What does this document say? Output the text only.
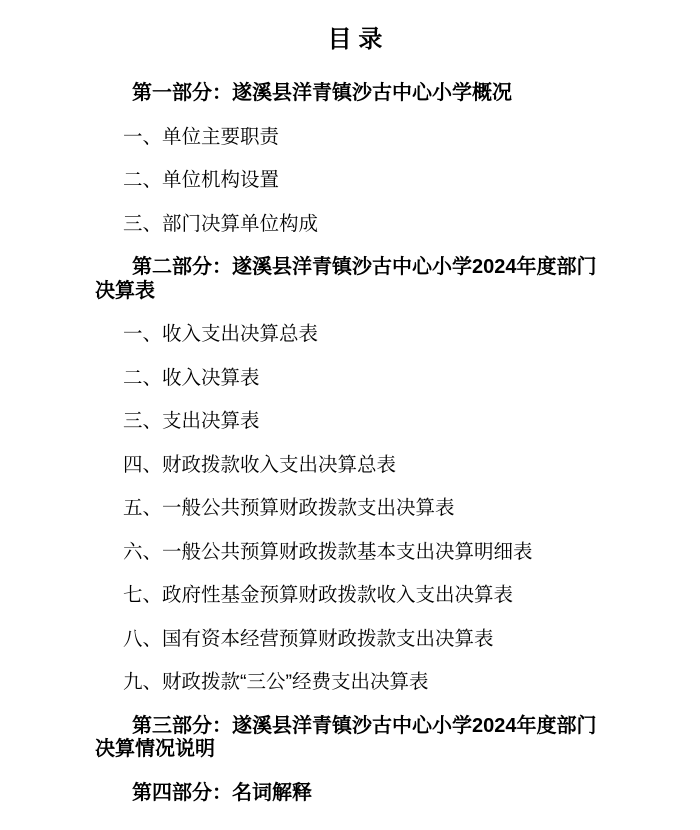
目 录

第一部分：遂溪县洋青镇沙古中心小学概况

一、单位主要职责

二、单位机构设置

三、部门决算单位构成

第二部分：遂溪县洋青镇沙古中心小学2024年度部门决算表

一、收入支出决算总表

二、收入决算表

三、支出决算表

四、财政拨款收入支出决算总表

五、一般公共预算财政拨款支出决算表

六、一般公共预算财政拨款基本支出决算明细表

七、政府性基金预算财政拨款收入支出决算表

八、国有资本经营预算财政拨款支出决算表

九、财政拨款“三公”经费支出决算表

第三部分：遂溪县洋青镇沙古中心小学2024年度部门决算情况说明

第四部分：名词解释
